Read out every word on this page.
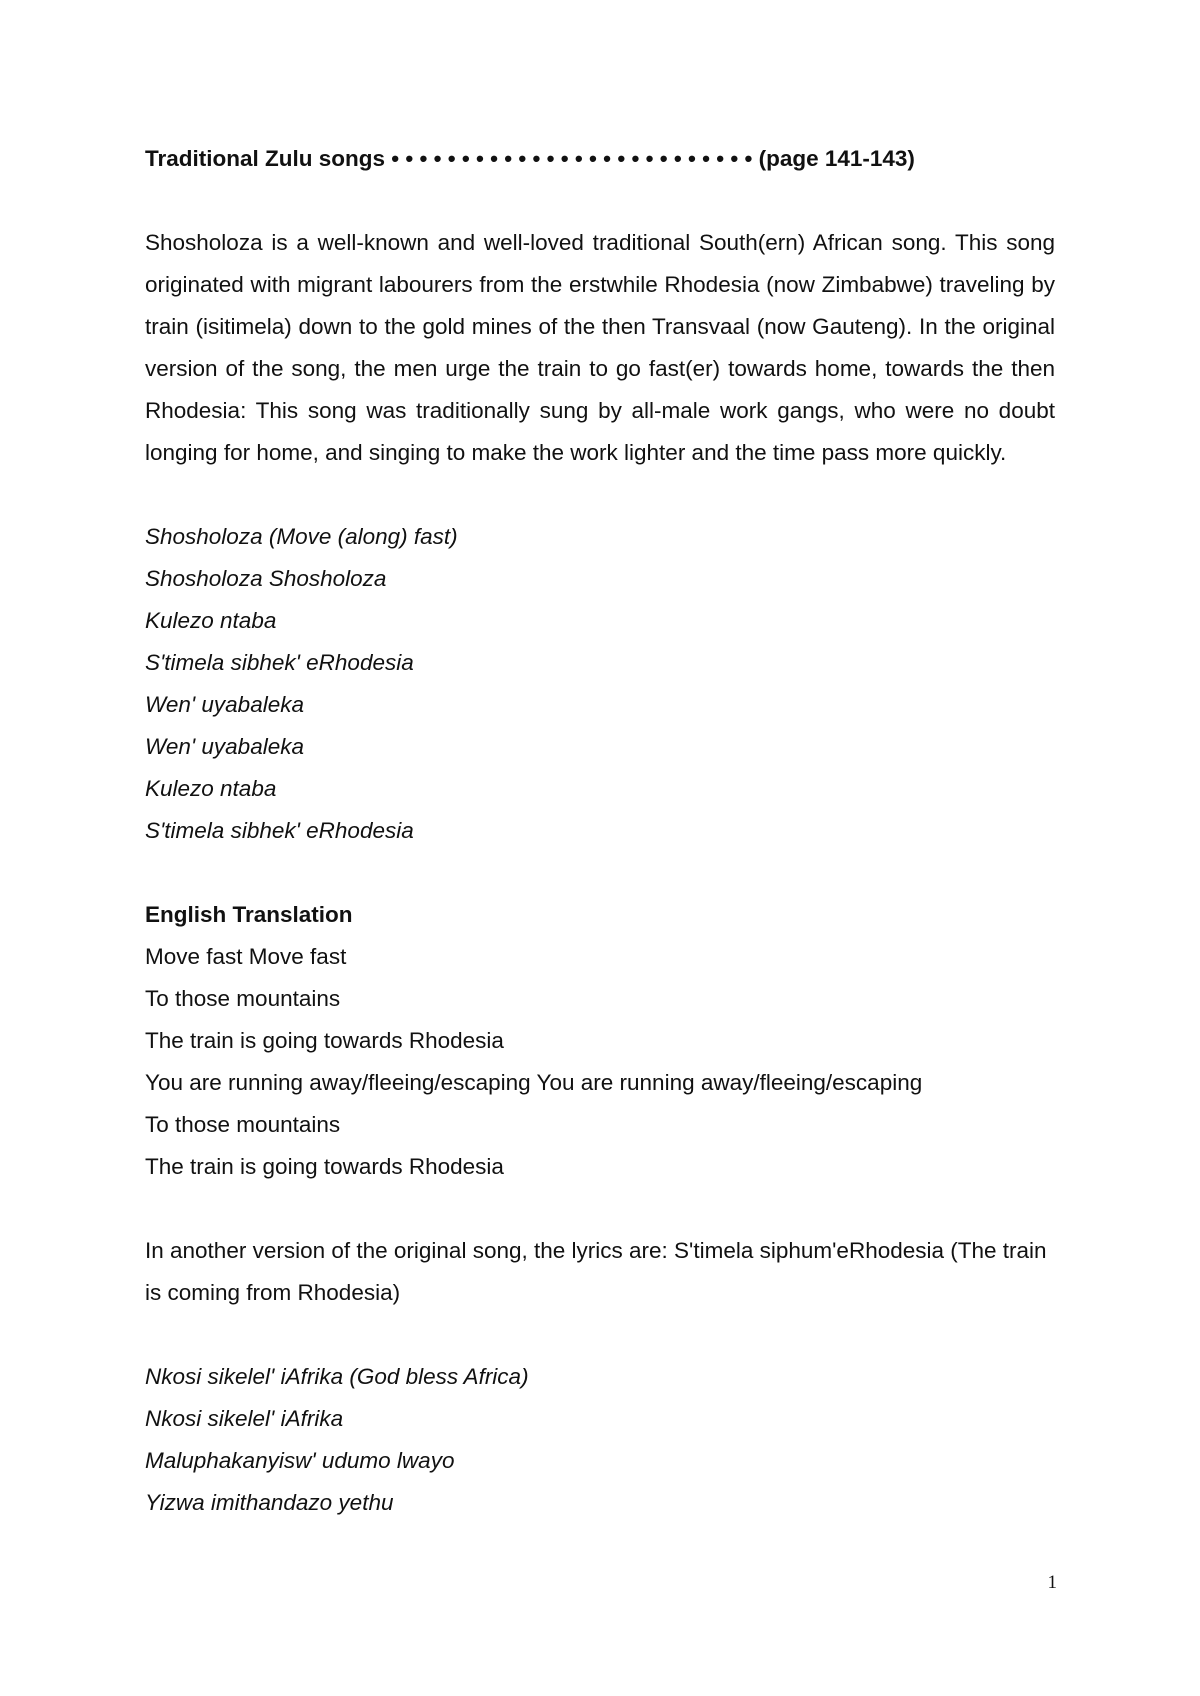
Traditional Zulu songs • • • • • • • • • • • • • • • • • • • • • • • • • • (page 141-143)

Shosholoza is a well-known and well-loved traditional South(ern) African song. This song originated with migrant labourers from the erstwhile Rhodesia (now Zimbabwe) traveling by train (isitimela) down to the gold mines of the then Transvaal (now Gauteng). In the original version of the song, the men urge the train to go fast(er) towards home, towards the then Rhodesia: This song was traditionally sung by all-male work gangs, who were no doubt longing for home, and singing to make the work lighter and the time pass more quickly.

Shosholoza (Move (along) fast)
Shosholoza Shosholoza
Kulezo ntaba
S'timela sibhek' eRhodesia
Wen' uyabaleka
Wen' uyabaleka
Kulezo ntaba
S'timela sibhek' eRhodesia
English Translation
Move fast Move fast
To those mountains
The train is going towards Rhodesia
You are running away/fleeing/escaping You are running away/fleeing/escaping
To those mountains
The train is going towards Rhodesia

In another version of the original song, the lyrics are: S'timela siphum'eRhodesia (The train is coming from Rhodesia)

Nkosi sikelel' iAfrika (God bless Africa)
Nkosi sikelel' iAfrika
Maluphakanyisw' udumo lwayo
Yizwa imithandazo yethu
1
